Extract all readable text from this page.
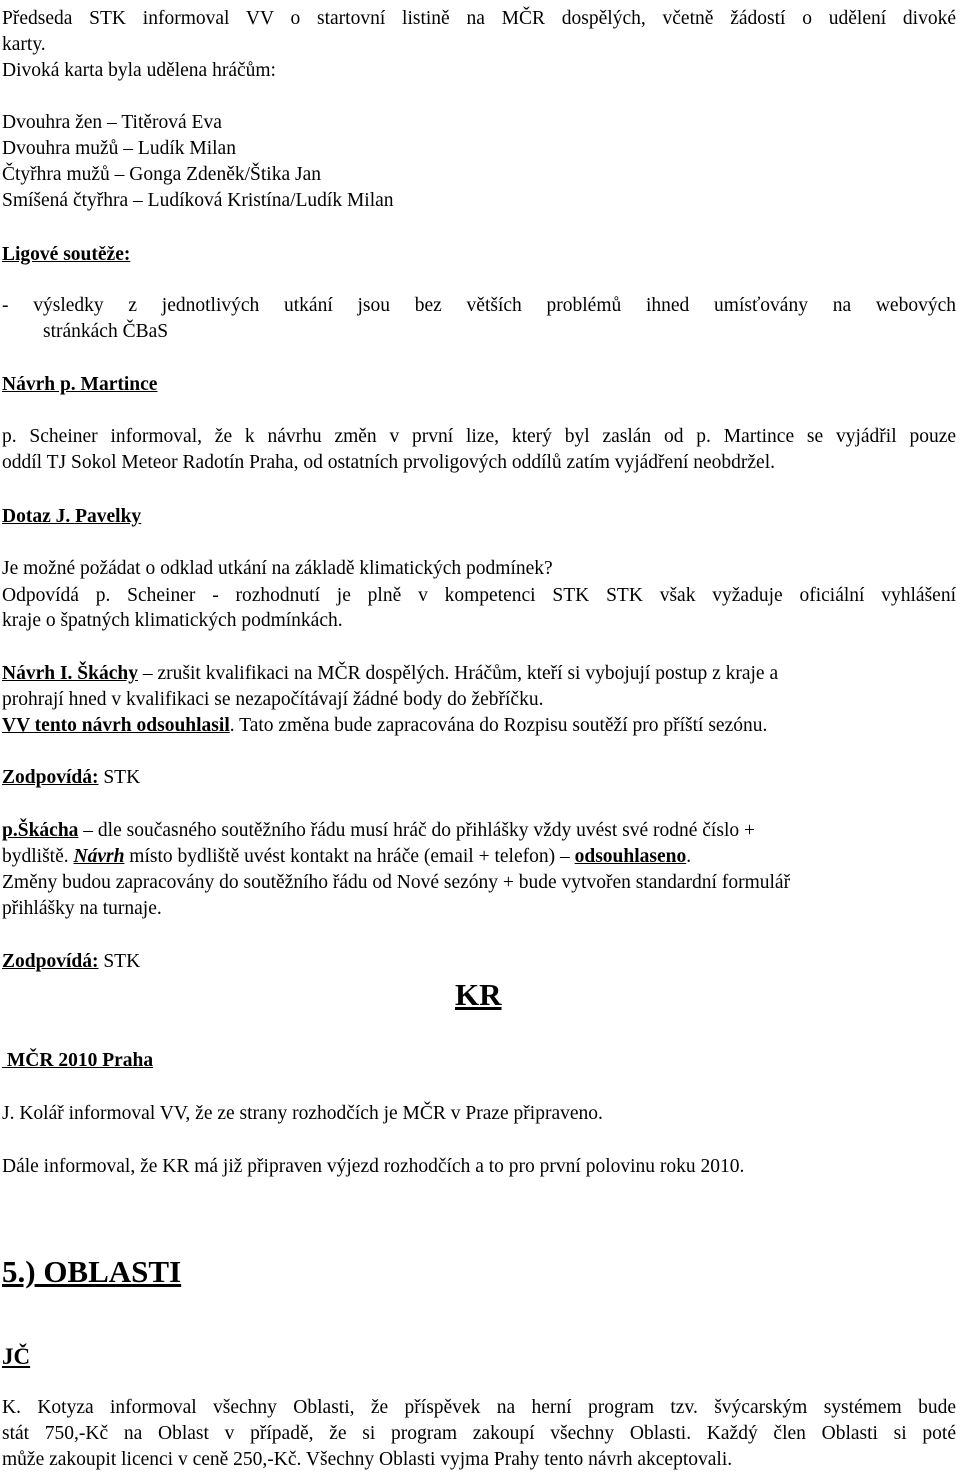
Předseda STK informoval VV o startovní listině na MČR dospělých, včetně žádostí o udělení divoké
karty.
Divoká karta byla udělena hráčům:
Dvouhra žen – Titěrová Eva
Dvouhra mužů – Ludík Milan
Čtyřhra mužů – Gonga Zdeněk/Štika Jan
Smíšená čtyřhra – Ludíková Kristína/Ludík Milan
Ligové soutěže:
- výsledky z jednotlivých utkání jsou bez větších problémů ihned umísťovány na webových
stránkách ČBaS
Návrh p. Martince
p. Scheiner informoval, že k návrhu změn v první lize, který byl zaslán od p. Martince se vyjádřil pouze
oddíl TJ Sokol Meteor Radotín Praha, od ostatních prvoligových oddílů zatím vyjádření neobdržel.
Dotaz J. Pavelky
Je možné požádat o odklad utkání na základě klimatických podmínek?
Odpovídá p. Scheiner - rozhodnutí je plně v kompetenci STK STK však vyžaduje oficiální vyhlášení
kraje o špatných klimatických podmínkách.
Návrh I. Škáchy – zrušit kvalifikaci na MČR dospělých. Hráčům, kteří si vybojují postup z kraje a
prohrají hned v kvalifikaci se nezapočítávají žádné body do žebříčku.
VV tento návrh odsouhlasil. Tato změna bude zapracována do Rozpisu soutěží pro příští sezónu.
Zodpovídá: STK
p.Škácha – dle současného soutěžního řádu musí hráč do přihlášky vždy uvést své rodné číslo +
bydliště. Návrh místo bydliště uvést kontakt na hráče (email + telefon) – odsouhlaseno.
Změny budou zapracovány do soutěžního řádu od Nové sezóny + bude vytvořen standardní formulář
přihlášky na turnaje.
Zodpovídá: STK
KR
MČR 2010 Praha
J. Kolář informoval VV, že ze strany rozhodčích je MČR v Praze připraveno.
Dále informoval, že KR má již připraven výjezd rozhodčích a to pro první polovinu roku 2010.
5.) OBLASTI
JČ
K. Kotyza informoval všechny Oblasti, že příspěvek na herní program tzv. švýcarským systémem bude
stát 750,-Kč na Oblast v případě, že si program zakoupí všechny Oblasti. Každý člen Oblasti si poté
může zakoupit licenci v ceně 250,-Kč. Všechny Oblasti vyjma Prahy tento návrh akceptovali.
